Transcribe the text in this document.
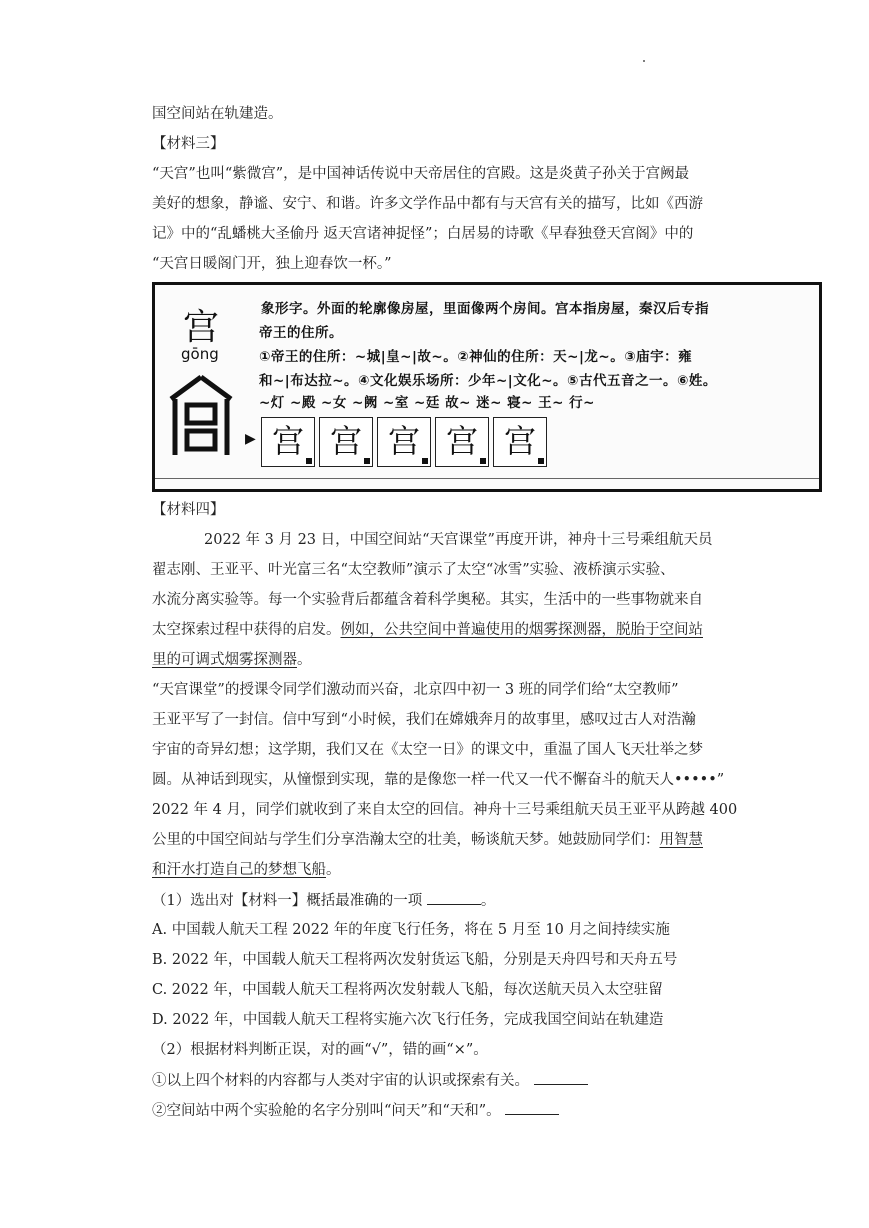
国空间站在轨建造。
【材料三】
“天宫”也叫“紫微宫”，是中国神话传说中天帝居住的宫殿。这是炎黄子孙关于宫阙最
美好的想象，静谧、安宁、和谐。许多文学作品中都有与天宫有关的描写，比如《西游
记》中的“乱蟠桃大圣偷丹 返天宫诸神捉怪”；白居易的诗歌《早春独登天宫阁》中的
“天宫日暖阁门开，独上迎春饮一杯。”
宫
gōng
象形字。外面的轮廓像房屋，里面像两个房间。宫本指房屋，秦汉后专指
帝王的住所。
①帝王的住所：~城|皇~|故~。②神仙的住所：天~|龙~。③庙宇：雍
和~|布达拉~。④文化娱乐场所：少年~|文化~。⑤古代五音之一。⑥姓。
~灯 ~殿 ~女 ~阙 ~室 ~廷 故~ 迷~ 寝~ 王~ 行~
▶ 宫 宫 宫 宫 宫
【材料四】
2022 年 3 月 23 日，中国空间站“天宫课堂”再度开讲，神舟十三号乘组航天员
翟志刚、王亚平、叶光富三名“太空教师”演示了太空“冰雪”实验、液桥演示实验、
水流分离实验等。每一个实验背后都蕴含着科学奥秘。其实，生活中的一些事物就来自
太空探索过程中获得的启发。例如，公共空间中普遍使用的烟雾探测器，脱胎于空间站
里的可调式烟雾探测器。
“天宫课堂”的授课令同学们激动而兴奋，北京四中初一 3 班的同学们给“太空教师”
王亚平写了一封信。信中写到“小时候，我们在嫦娥奔月的故事里，感叹过古人对浩瀚
宇宙的奇异幻想；这学期，我们又在《太空一日》的课文中，重温了国人飞天壮举之梦
圆。从神话到现实，从憧憬到实现，靠的是像您一样一代又一代不懈奋斗的航天人•••••”
2022 年 4 月，同学们就收到了来自太空的回信。神舟十三号乘组航天员王亚平从跨越 400
公里的中国空间站与学生们分享浩瀚太空的壮美，畅谈航天梦。她鼓励同学们：用智慧
和汗水打造自己的梦想飞船。
（1）选出对【材料一】概括最准确的一项	。
A. 中国载人航天工程 2022 年的年度飞行任务，将在 5 月至 10 月之间持续实施
B. 2022 年，中国载人航天工程将两次发射货运飞船，分别是天舟四号和天舟五号
C. 2022 年，中国载人航天工程将两次发射载人飞船，每次送航天员入太空驻留
D. 2022 年，中国载人航天工程将实施六次飞行任务，完成我国空间站在轨建造
（2）根据材料判断正误，对的画“√”，错的画“×”。
①以上四个材料的内容都与人类对宇宙的认识或探索有关。
②空间站中两个实验舱的名字分别叫“问天”和“天和”。
